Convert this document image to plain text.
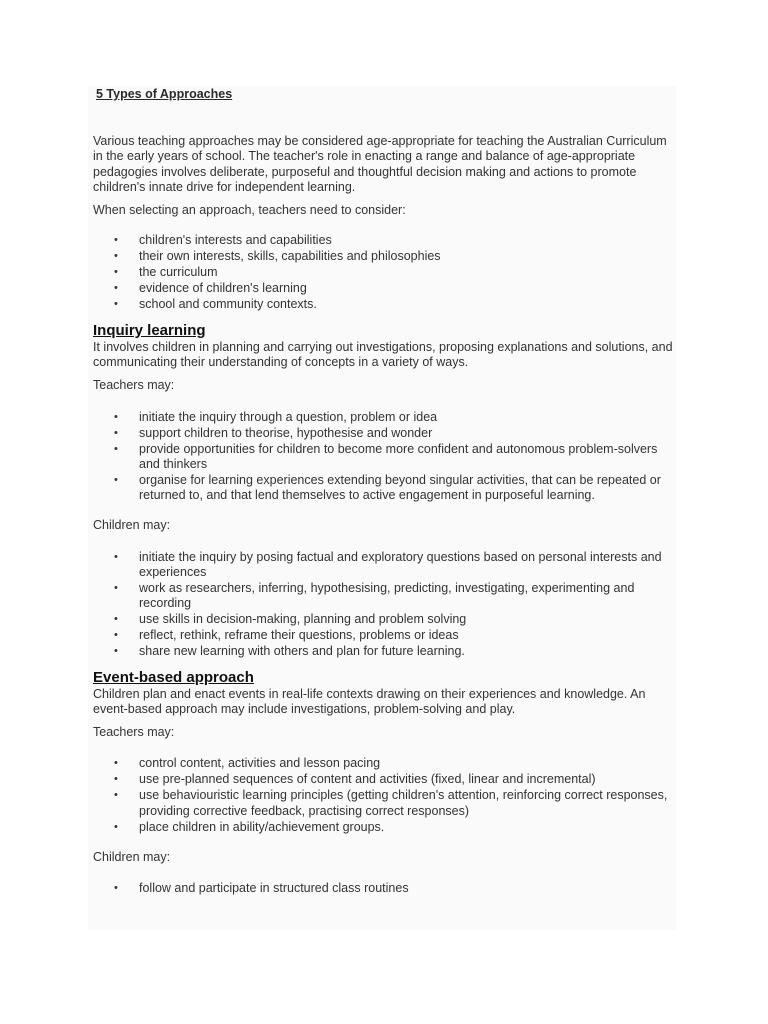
5 Types of Approaches

Various teaching approaches may be considered age-appropriate for teaching the Australian Curriculum in the early years of school. The teacher's role in enacting a range and balance of age-appropriate pedagogies involves deliberate, purposeful and thoughtful decision making and actions to promote children's innate drive for independent learning.

When selecting an approach, teachers need to consider:

• children's interests and capabilities
• their own interests, skills, capabilities and philosophies
• the curriculum
• evidence of children's learning
• school and community contexts.
Inquiry learning

It involves children in planning and carrying out investigations, proposing explanations and solutions, and communicating their understanding of concepts in a variety of ways.

Teachers may:

• initiate the inquiry through a question, problem or idea
• support children to theorise, hypothesise and wonder
• provide opportunities for children to become more confident and autonomous problem-solvers and thinkers
• organise for learning experiences extending beyond singular activities, that can be repeated or returned to, and that lend themselves to active engagement in purposeful learning.

Children may:

• initiate the inquiry by posing factual and exploratory questions based on personal interests and experiences
• work as researchers, inferring, hypothesising, predicting, investigating, experimenting and recording
• use skills in decision-making, planning and problem solving
• reflect, rethink, reframe their questions, problems or ideas
• share new learning with others and plan for future learning.
Event-based approach

Children plan and enact events in real-life contexts drawing on their experiences and knowledge. An event-based approach may include investigations, problem-solving and play.

Teachers may:

• control content, activities and lesson pacing
• use pre-planned sequences of content and activities (fixed, linear and incremental)
• use behaviouristic learning principles (getting children's attention, reinforcing correct responses, providing corrective feedback, practising correct responses)
• place children in ability/achievement groups.

Children may:

• follow and participate in structured class routines
